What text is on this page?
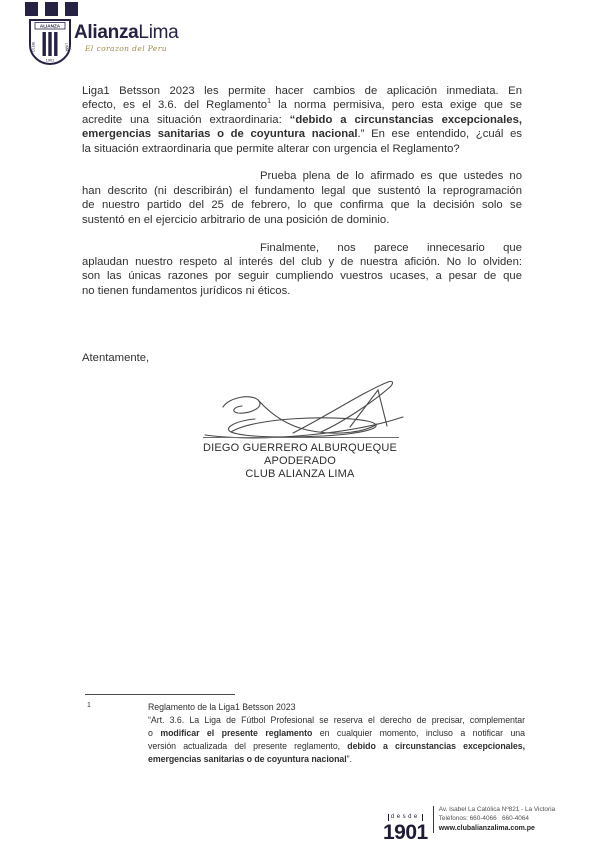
ALIANZA
CLUB	LIMA
1901
AlianzaLima
El corazon del Peru
Liga1 Betsson 2023 les permite hacer cambios de aplicación inmediata. En
efecto, es el 3.6. del Reglamento$^1$ la norma permisiva, pero esta exige que se
acredite una situación extraordinaria: “debido a circunstancias excepcionales,
emergencias sanitarias o de coyuntura nacional.” En ese entendido, ¿cuál es
la situación extraordinaria que permite alterar con urgencia el Reglamento?
Prueba plena de lo afirmado es que ustedes no
han descrito (ni describirán) el fundamento legal que sustentó la reprogramación
de nuestro partido del 25 de febrero, lo que confirma que la decisión solo se
sustentó en el ejercicio arbitrario de una posición de dominio.
Finalmente, nos parece innecesario que
aplaudan nuestro respeto al interés del club y de nuestra afición. No lo olviden:
son las únicas razones por seguir cumpliendo vuestros ucases, a pesar de que
no tienen fundamentos jurídicos ni éticos.
Atentamente,
DIEGO GUERRERO ALBURQUEQUE
APODERADO
CLUB ALIANZA LIMA
1	Reglamento de la Liga1 Betsson 2023
“Art. 3.6. La Liga de Fútbol Profesional se reserva el derecho de precisar, complementar
o modificar el presente reglamento en cualquier momento, incluso a notificar una
versión actualizada del presente reglamento, debido a circunstancias excepcionales,
emergencias sanitarias o de coyuntura nacional”.
desde
1901
Av. Isabel La Católica Nº821 - La Victoria
Teléfonos: 660-4066   660-4064
www.clubalianzalima.com.pe
